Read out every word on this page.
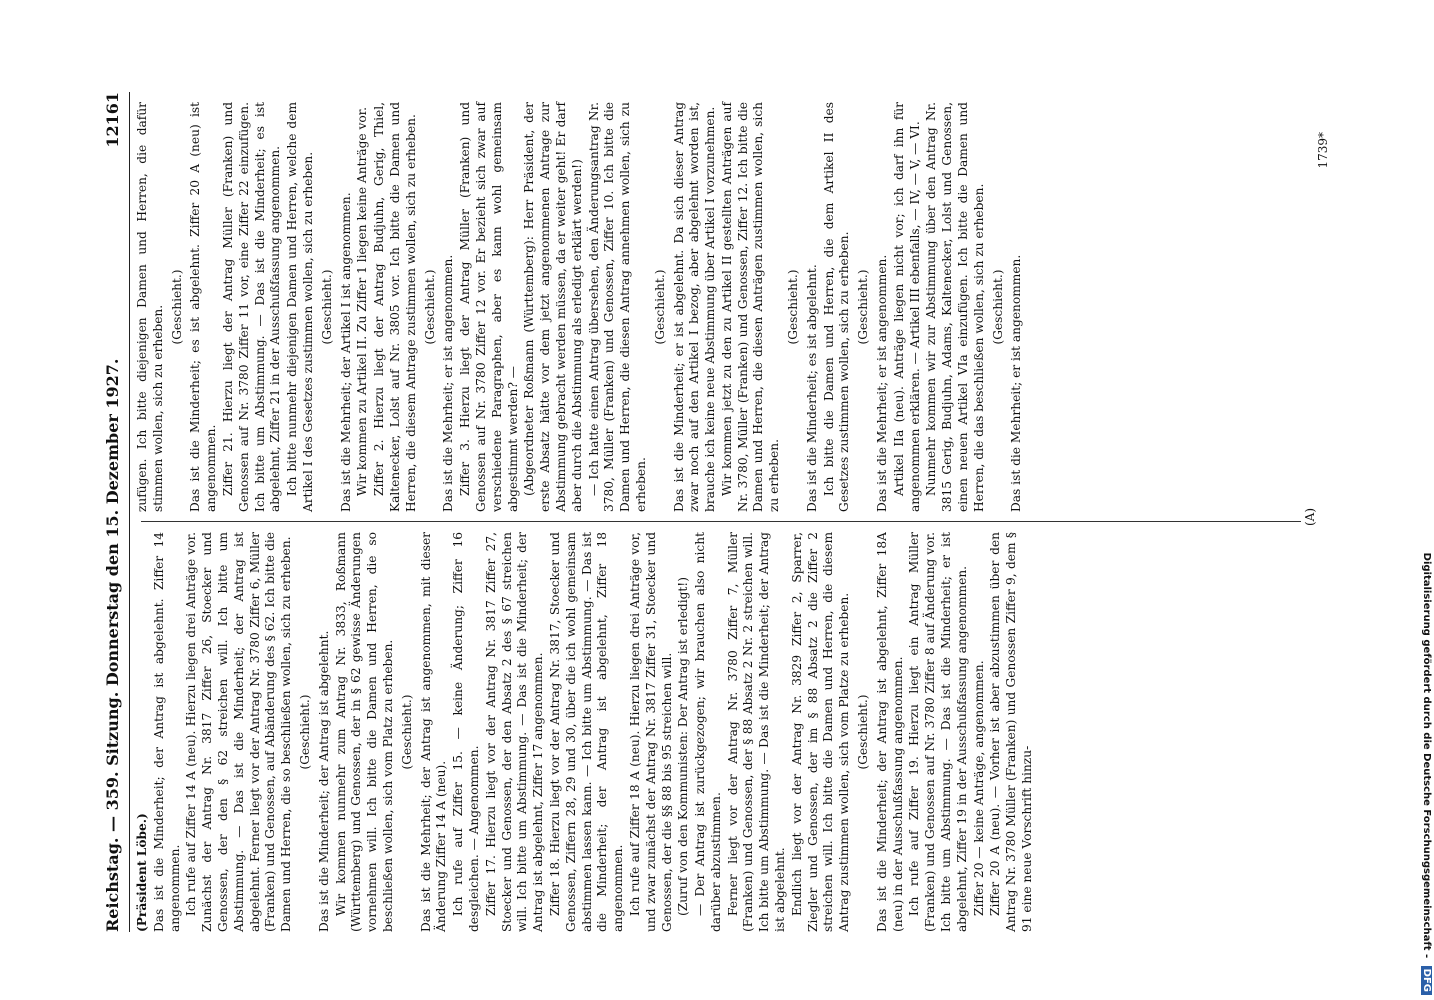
Reichstag. — 359. Sitzung. Donnerstag den 15. Dezember 1927.
12161

(Präsident Löbe.) Das ist die Minderheit; der Antrag ist abgelehnt. Ziffer 14 angenommen. Ich rufe auf Ziffer 14 A (neu). Hierzu liegen drei Anträge vor. Zunächst der Antrag Nr. 3817 Ziffer 26, Stoecker und Genossen, der den § 62 streichen will. Ich bitte um Abstimmung. — Das ist die Minderheit; der Antrag ist abgelehnt. Ferner liegt vor der Antrag Nr. 3780 Ziffer 6, Müller (Franken) und Genossen, auf Abänderung des § 62. Ich bitte die Damen und Herren, die so beschließen wollen, sich zu erheben. (Geschieht.) Das ist die Minderheit; der Antrag ist abgelehnt. Wir kommen nunmehr zum Antrag Nr. 3833, Roßmann (Württemberg) und Genossen, der in § 62 gewisse Änderungen vornehmen will. Ich bitte die Damen und Herren, die so beschließen wollen, sich vom Platz zu erheben. (Geschieht.) Das ist die Mehrheit; der Antrag ist angenommen, mit dieser Änderung Ziffer 14 A (neu). Ich rufe auf Ziffer 15. — keine Änderung; Ziffer 16 desgleichen. — Angenommen. Ziffer 17. Hierzu liegt vor der Antrag Nr. 3817 Ziffer 27, Stoecker und Genossen, der den Absatz 2 des § 67 streichen will. Ich bitte um Abstimmung. — Das ist die Minderheit; der Antrag ist abgelehnt, Ziffer 17 angenommen. Ziffer 18. Hierzu liegt vor der Antrag Nr. 3817, Stoecker und Genossen, Ziffern 28, 29 und 30, über die ich wohl gemeinsam abstimmen lassen kann. — Ich bitte um Abstimmung. — Das ist die Minderheit; der Antrag ist abgelehnt, Ziffer 18 angenommen. Ich rufe auf Ziffer 18 A (neu). Hierzu liegen drei Anträge vor, und zwar zunächst der Antrag Nr. 3817 Ziffer 31, Stoecker und Genossen, der die §§ 88 bis 95 streichen will. (Zuruf von den Kommunisten: Der Antrag ist erledigt!) — Der Antrag ist zurückgezogen; wir brauchen also nicht darüber abzustimmen. Ferner liegt vor der Antrag Nr. 3780 Ziffer 7, Müller (Franken) und Genossen, der § 88 Absatz 2 Nr. 2 streichen will. Ich bitte um Abstimmung. — Das ist die Minderheit; der Antrag ist abgelehnt. Endlich liegt vor der Antrag Nr. 3829 Ziffer 2, Sparrer, Ziegler und Genossen, der im § 88 Absatz 2 die Ziffer 2 streichen will. Ich bitte die Damen und Herren, die diesem Antrag zustimmen wollen, sich vom Platze zu erheben. (Geschieht.) Das ist die Minderheit; der Antrag ist abgelehnt, Ziffer 18A (neu) in der Ausschußfassung angenommen. Ich rufe auf Ziffer 19. Hierzu liegt ein Antrag Müller (Franken) und Genossen auf Nr. 3780 Ziffer 8 auf Änderung vor. Ich bitte um Abstimmung. — Das ist die Minderheit; er ist abgelehnt, Ziffer 19 in der Ausschußfassung angenommen. Ziffer 20 — keine Anträge, angenommen. Ziffer 20 A (neu). — Vorher ist aber abzustimmen über den Antrag Nr. 3780 Müller (Franken) und Genossen Ziffer 9, dem § 91 eine neue Vorschrift hinzu-

zufügen. Ich bitte diejenigen Damen und Herren, die dafür stimmen wollen, sich zu erheben. (Geschieht.) Das ist die Minderheit; es ist abgelehnt. Ziffer 20 A (neu) ist angenommen. Ziffer 21. Hierzu liegt der Antrag Müller (Franken) und Genossen auf Nr. 3780 Ziffer 11 vor, eine Ziffer 22 einzufügen. Ich bitte um Abstimmung. — Das ist die Minderheit; es ist abgelehnt, Ziffer 21 in der Ausschußfassung angenommen. Ich bitte nunmehr diejenigen Damen und Herren, welche dem Artikel I des Gesetzes zustimmen wollen, sich zu erheben. (Geschieht.) Das ist die Mehrheit; der Artikel I ist angenommen. Wir kommen zu Artikel II. Zu Ziffer 1 liegen keine Anträge vor. Ziffer 2. Hierzu liegt der Antrag Budjuhn, Gerig, Thiel, Kaltenecker, Lolst auf Nr. 3805 vor. Ich bitte die Damen und Herren, die diesem Antrage zustimmen wollen, sich zu erheben. (Geschieht.) Das ist die Mehrheit; er ist angenommen. Ziffer 3. Hierzu liegt der Antrag Müller (Franken) und Genossen auf Nr. 3780 Ziffer 12 vor. Er bezieht sich zwar auf verschiedene Paragraphen, aber es kann wohl gemeinsam abgestimmt werden? — (Abgeordneter Roßmann (Württemberg): Herr Präsident, der erste Absatz hätte vor dem jetzt angenommenen Antrage zur Abstimmung gebracht werden müssen, da er weiter geht! Er darf aber durch die Abstimmung als erledigt erklärt werden!) — Ich hatte einen Antrag übersehen, den Änderungsantrag Nr. 3780, Müller (Franken) und Genossen, Ziffer 10. Ich bitte die Damen und Herren, die diesen Antrag annehmen wollen, sich zu erheben.

(Geschieht.) Das ist die Minderheit; er ist abgelehnt. Da sich dieser Antrag zwar noch auf den Artikel I bezog, aber abgelehnt worden ist, brauche ich keine neue Abstimmung über Artikel I vorzunehmen. Wir kommen jetzt zu den zu Artikel II gestellten Anträgen auf Nr. 3780, Müller (Franken) und Genossen, Ziffer 12. Ich bitte die Damen und Herren, die diesen Anträgen zustimmen wollen, sich zu erheben.

(Geschieht.) Das ist die Minderheit; es ist abgelehnt. Ich bitte die Damen und Herren, die dem Artikel II des Gesetzes zustimmen wollen, sich zu erheben. (Geschieht.) Das ist die Mehrheit; er ist angenommen. Artikel IIa (neu). Anträge liegen nicht vor; ich darf ihn für angenommen erklären. — Artikel III ebenfalls, — IV, — V, — VI. Nunmehr kommen wir zur Abstimmung über den Antrag Nr. 3815 Gerig, Budjuhn, Adams, Kaltenecker, Lolst und Genossen, einen neuen Artikel VIa einzufügen. Ich bitte die Damen und Herren, die das beschließen wollen, sich zu erheben. (Geschieht.) Das ist die Mehrheit; er ist angenommen.

(A)
1739*
Digitalisierung gefördert durch die Deutsche Forschungsgemeinschaft - DFG
